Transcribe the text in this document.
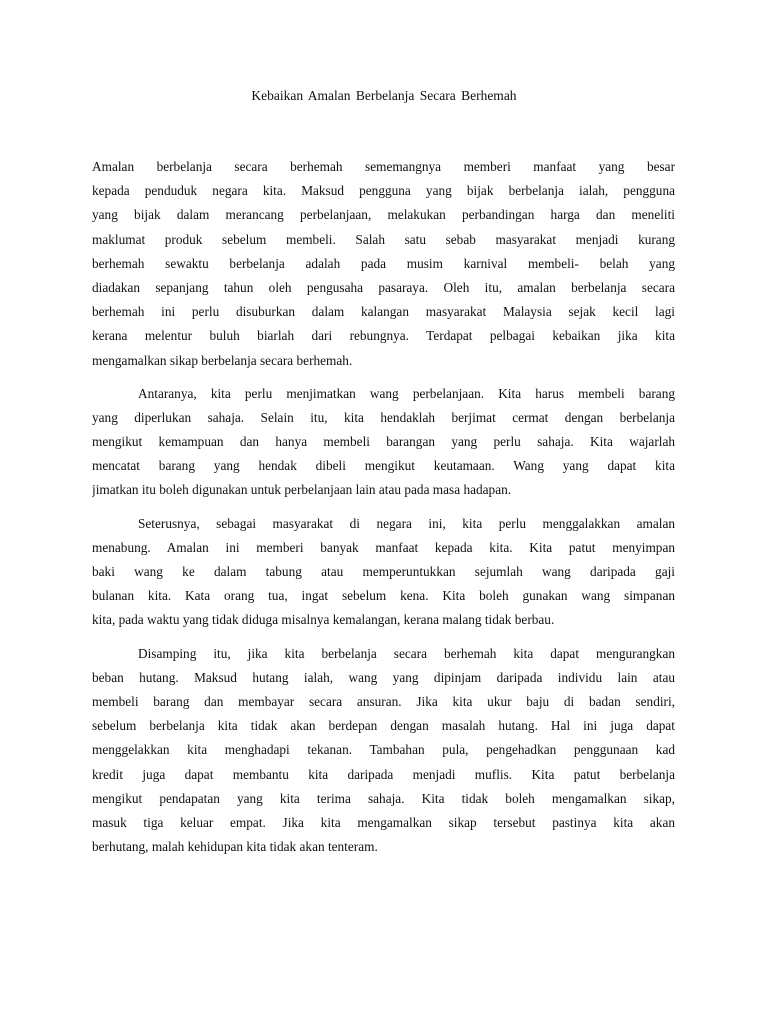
Kebaikan Amalan Berbelanja Secara Berhemah
Amalan berbelanja secara berhemah sememangnya memberi manfaat yang besar
kepada penduduk negara kita. Maksud pengguna yang bijak berbelanja ialah, pengguna
yang bijak dalam merancang perbelanjaan, melakukan perbandingan harga dan meneliti
maklumat produk sebelum membeli. Salah satu sebab masyarakat menjadi kurang
berhemah sewaktu berbelanja adalah pada musim karnival membeli- belah yang
diadakan sepanjang tahun oleh pengusaha pasaraya. Oleh itu, amalan berbelanja secara
berhemah ini perlu disuburkan dalam kalangan masyarakat Malaysia sejak kecil lagi
kerana melentur buluh biarlah dari rebungnya. Terdapat pelbagai kebaikan jika kita
mengamalkan sikap berbelanja secara berhemah.
Antaranya, kita perlu menjimatkan wang perbelanjaan. Kita harus membeli barang
yang diperlukan sahaja. Selain itu, kita hendaklah berjimat cermat dengan berbelanja
mengikut kemampuan dan hanya membeli barangan yang perlu sahaja. Kita wajarlah
mencatat barang yang hendak dibeli mengikut keutamaan. Wang yang dapat kita
jimatkan itu boleh digunakan untuk perbelanjaan lain atau pada masa hadapan.
Seterusnya, sebagai masyarakat di negara ini, kita perlu menggalakkan amalan
menabung. Amalan ini memberi banyak manfaat kepada kita. Kita patut menyimpan
baki wang ke dalam tabung atau memperuntukkan sejumlah wang daripada gaji
bulanan kita. Kata orang tua, ingat sebelum kena. Kita boleh gunakan wang simpanan
kita, pada waktu yang tidak diduga misalnya kemalangan, kerana malang tidak berbau.
Disamping itu, jika kita berbelanja secara berhemah kita dapat mengurangkan
beban hutang. Maksud hutang ialah, wang yang dipinjam daripada individu lain atau
membeli barang dan membayar secara ansuran. Jika kita ukur baju di badan sendiri,
sebelum berbelanja kita tidak akan berdepan dengan masalah hutang. Hal ini juga dapat
menggelakkan kita menghadapi tekanan. Tambahan pula, pengehadkan penggunaan kad
kredit juga dapat membantu kita daripada menjadi muflis. Kita patut berbelanja
mengikut pendapatan yang kita terima sahaja. Kita tidak boleh mengamalkan sikap,
masuk tiga keluar empat. Jika kita mengamalkan sikap tersebut pastinya kita akan
berhutang, malah kehidupan kita tidak akan tenteram.
